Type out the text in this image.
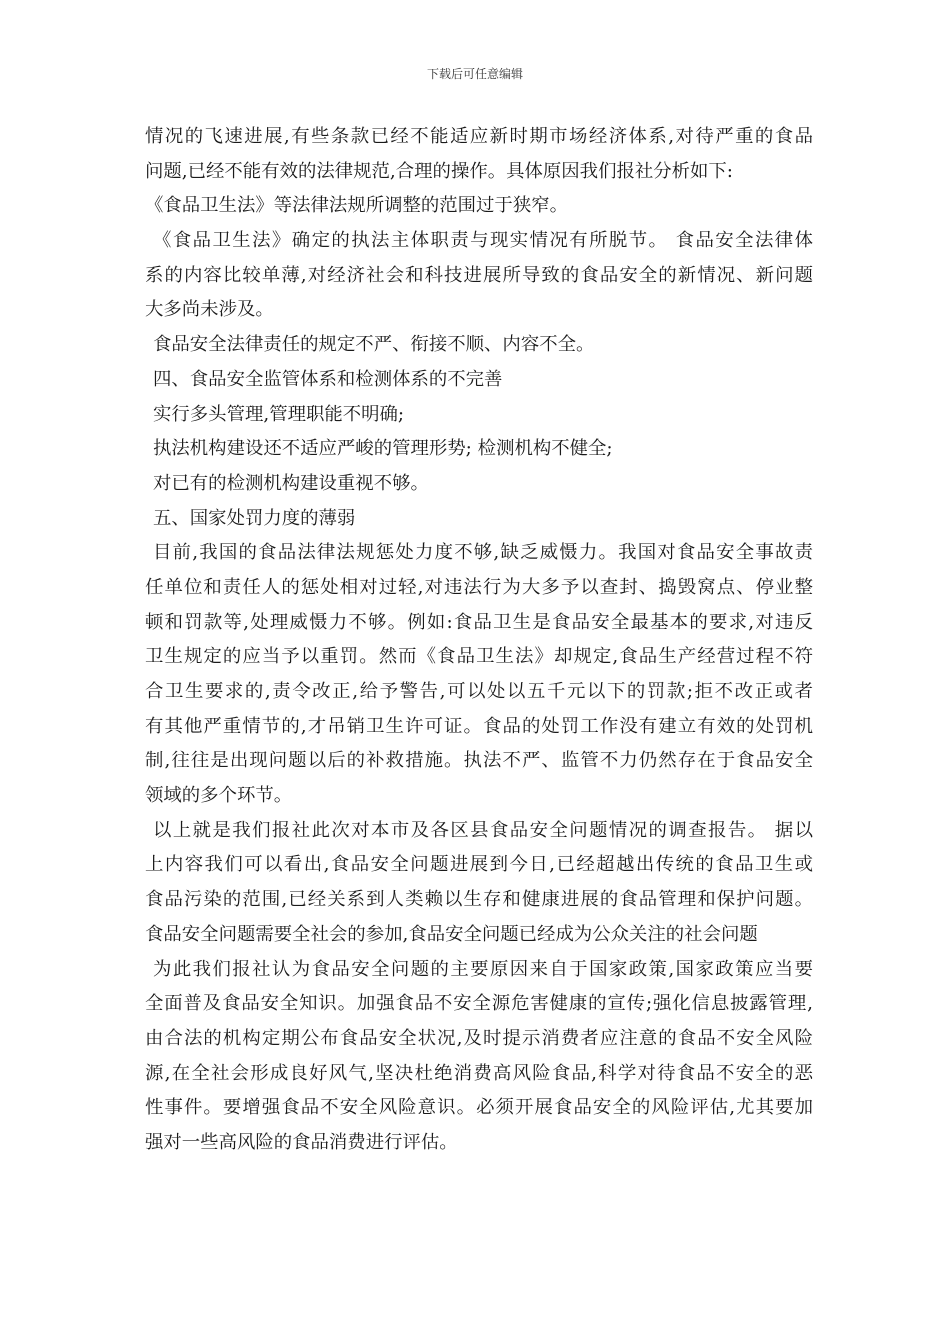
下载后可任意编辑
情况的飞速进展,有些条款已经不能适应新时期市场经济体系,对待严重的食品
问题,已经不能有效的法律规范,合理的操作。具体原因我们报社分析如下:
《食品卫生法》等法律法规所调整的范围过于狭窄。
《食品卫生法》确定的执法主体职责与现实情况有所脱节。 食品安全法律体
系的内容比较单薄,对经济社会和科技进展所导致的食品安全的新情况、新问题
大多尚未涉及。
食品安全法律责任的规定不严、衔接不顺、内容不全。
四、食品安全监管体系和检测体系的不完善
实行多头管理,管理职能不明确;
执法机构建设还不适应严峻的管理形势; 检测机构不健全;
对已有的检测机构建设重视不够。
五、国家处罚力度的薄弱
目前,我国的食品法律法规惩处力度不够,缺乏威慑力。我国对食品安全事故责
任单位和责任人的惩处相对过轻,对违法行为大多予以查封、捣毁窝点、停业整
顿和罚款等,处理威慑力不够。例如:食品卫生是食品安全最基本的要求,对违反
卫生规定的应当予以重罚。然而《食品卫生法》却规定,食品生产经营过程不符
合卫生要求的,责令改正,给予警告,可以处以五千元以下的罚款;拒不改正或者
有其他严重情节的,才吊销卫生许可证。食品的处罚工作没有建立有效的处罚机
制,往往是出现问题以后的补救措施。执法不严、监管不力仍然存在于食品安全
领域的多个环节。
以上就是我们报社此次对本市及各区县食品安全问题情况的调查报告。 据以
上内容我们可以看出,食品安全问题进展到今日,已经超越出传统的食品卫生或
食品污染的范围,已经关系到人类赖以生存和健康进展的食品管理和保护问题。
食品安全问题需要全社会的参加,食品安全问题已经成为公众关注的社会问题
为此我们报社认为食品安全问题的主要原因来自于国家政策,国家政策应当要
全面普及食品安全知识。加强食品不安全源危害健康的宣传;强化信息披露管理,
由合法的机构定期公布食品安全状况,及时提示消费者应注意的食品不安全风险
源,在全社会形成良好风气,坚决杜绝消费高风险食品,科学对待食品不安全的恶
性事件。要增强食品不安全风险意识。必须开展食品安全的风险评估,尤其要加
强对一些高风险的食品消费进行评估。
